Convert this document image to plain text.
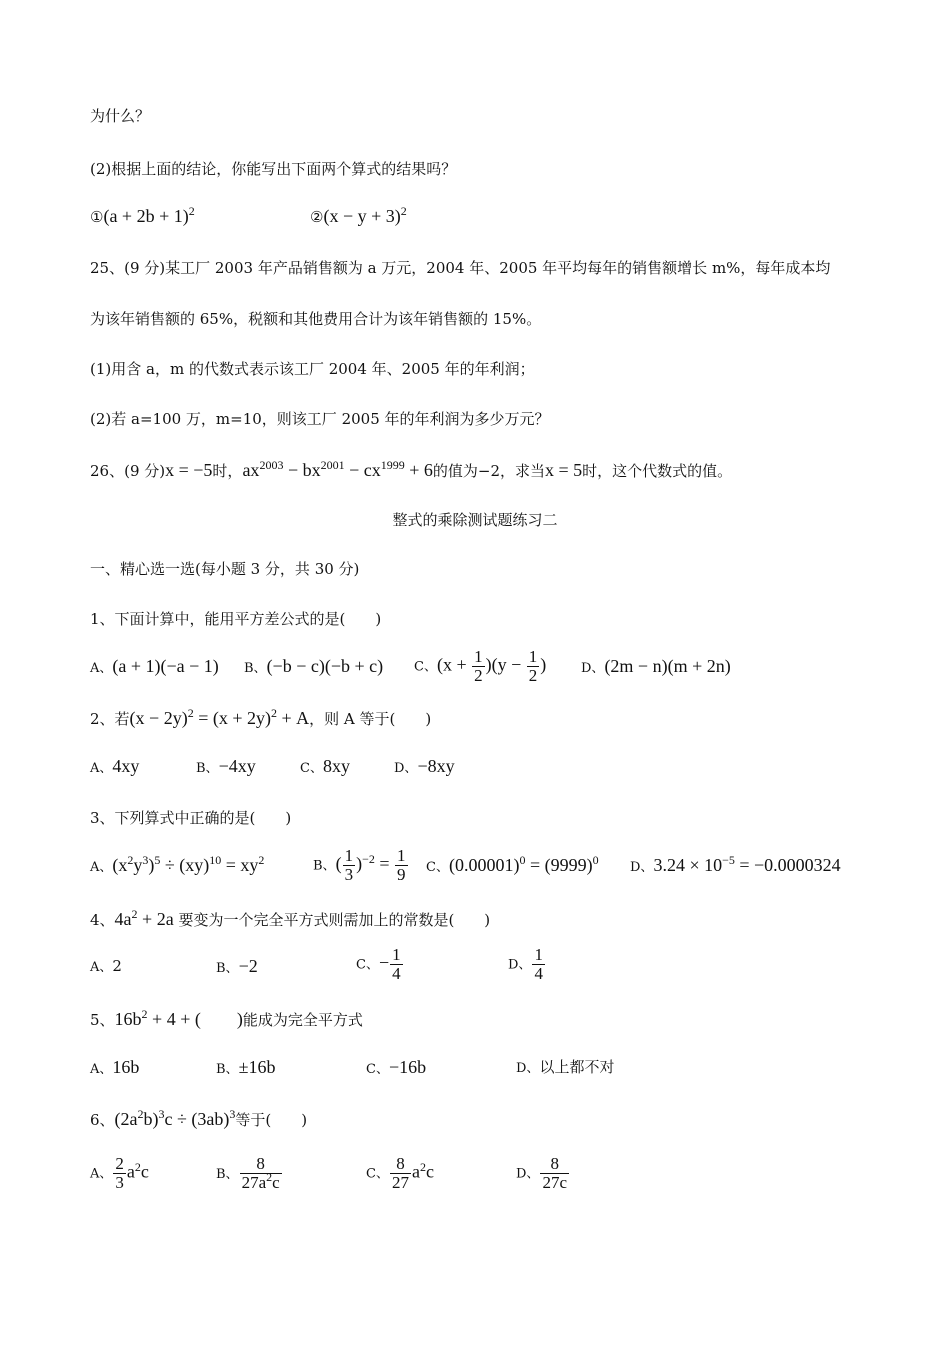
为什么？
(2)根据上面的结论，你能写出下面两个算式的结果吗？
①(a + 2b + 1)$^2$	②(x − y + 3)$^2$
25、(9 分)某工厂 2003 年产品销售额为 a 万元，2004 年、2005 年平均每年的销售额增长 m%，每年成本均
为该年销售额的 65%，税额和其他费用合计为该年销售额的 15%。
(1)用含 a，m 的代数式表示该工厂 2004 年、2005 年的年利润；
(2)若 a=100 万，m=10，则该工厂 2005 年的年利润为多少万元？
26、(9 分)x = −5时，$ax^{2003} - bx^{2001} - cx^{1999} + 6$的值为−2，求当x = 5时，这个代数式的值。
整式的乘除测试题练习二
一、精心选一选(每小题 3 分，共 30 分)
1、下面计算中，能用平方差公式的是(　　)
A、(a + 1)(−a − 1) B、(−b − c)(−b + c) C、$(x + \frac{1}{2} )(y - \frac{1}{2}$ )	D、(2m − n)(m + 2n)
2、若$(x - 2y)^2 = (x + 2y)^2 + A$，则 A 等于(　　)
A、4xy	B、−4xy	C、8xy	D、−8xy
3、下列算式中正确的是(　　)
A、$(x^2y^3)^5 \div (xy)^{10} = xy^2$	B、( $\frac{1}{3} )^{-2} = \frac{1}{9}$ C、$(0.00001)^0 = (9999)^0$ D、$3.24 \times 10^{-5} = -0.0000324$
4、$4a^2 + 2a$ 要变为一个完全平方式则需加上的常数是(　　)
A、2	B、−2	C、− $\frac{1}{4}$	D、 $\frac{1}{4}$
5、$16b^2 + 4$ + (　　)能成为完全平方式
A、16b	B、±16b	C、−16b	D、以上都不对
6、$(2a^2b)^3c \div (3ab)^3$等于(　　)
A、 $\frac{2}{3} a^2c$	B、 $\frac{8}{27a^2c}$	C、 $\frac{8}{27} a^2c$	D、 $\frac{8}{27c}$
